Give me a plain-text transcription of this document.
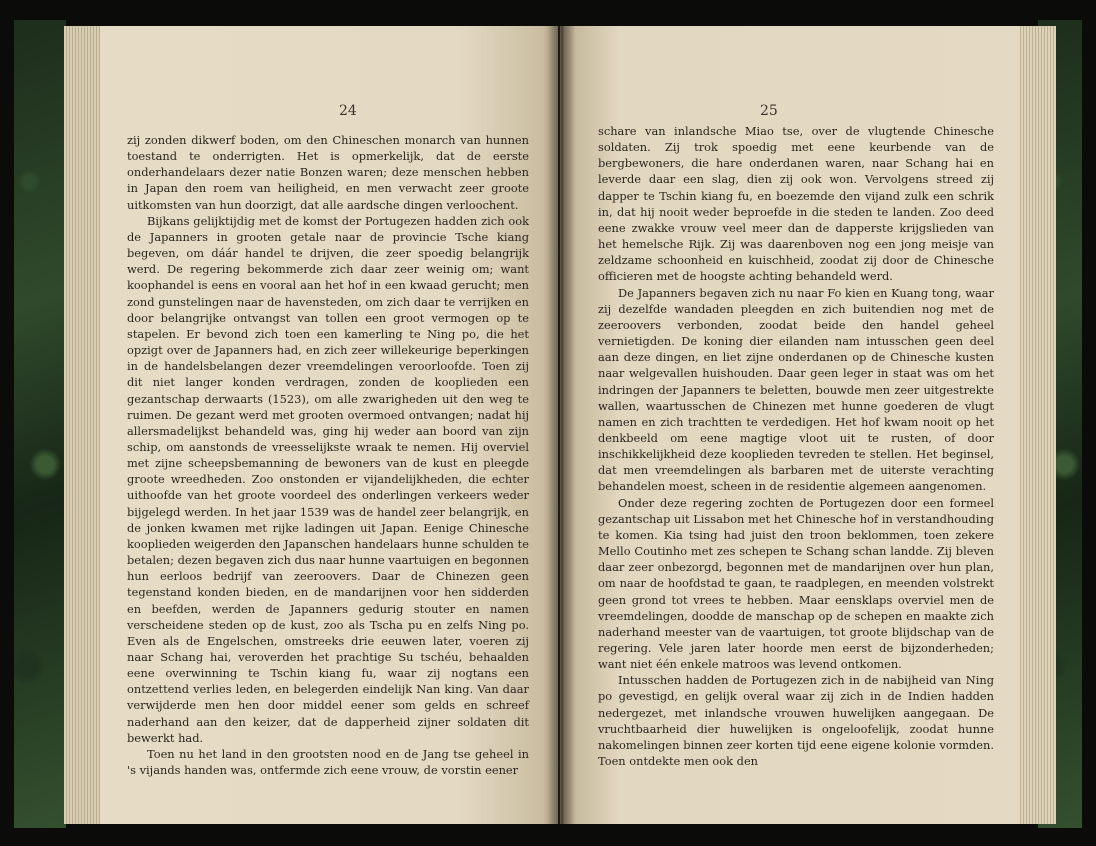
24

zij zonden dikwerf boden, om den Chineschen monarch van hunnen toestand te onderrigten. Het is opmerkelijk, dat de eerste onderhandelaars dezer natie Bonzen waren; deze menschen hebben in Japan den roem van heiligheid, en men verwacht zeer groote uitkomsten van hun doorzigt, dat alle aardsche dingen verloochent.

Bijkans gelijktijdig met de komst der Portugezen hadden zich ook de Japanners in grooten getale naar de provincie Tsche kiang begeven, om dáár handel te drijven, die zeer spoedig belangrijk werd. De regering bekommerde zich daar zeer weinig om; want koophandel is eens en vooral aan het hof in een kwaad gerucht; men zond gunstelingen naar de havensteden, om zich daar te verrijken en door belangrijke ontvangst van tollen een groot vermogen op te stapelen. Er bevond zich toen een kamerling te Ning po, die het opzigt over de Japanners had, en zich zeer willekeurige beperkingen in de handelsbelangen dezer vreemdelingen veroorloofde. Toen zij dit niet langer konden verdragen, zonden de kooplieden een gezantschap derwaarts (1523), om alle zwarigheden uit den weg te ruimen. De gezant werd met grooten overmoed ontvangen; nadat hij allersmadelijkst behandeld was, ging hij weder aan boord van zijn schip, om aanstonds de vreesselijkste wraak te nemen. Hij overviel met zijne scheepsbemanning de bewoners van de kust en pleegde groote wreedheden. Zoo onstonden er vijandelijkheden, die echter uithoofde van het groote voordeel des onderlingen verkeers weder bijgelegd werden. In het jaar 1539 was de handel zeer belangrijk, en de jonken kwamen met rijke ladingen uit Japan. Eenige Chinesche kooplieden weigerden den Japanschen handelaars hunne schulden te betalen; dezen begaven zich dus naar hunne vaartuigen en begonnen hun eerloos bedrijf van zeeroovers. Daar de Chinezen geen tegenstand konden bieden, en de mandarijnen voor hen sidderden en beefden, werden de Japanners gedurig stouter en namen verscheidene steden op de kust, zoo als Tscha pu en zelfs Ning po. Even als de Engelschen, omstreeks drie eeuwen later, voeren zij naar Schang hai, veroverden het prachtige Su tschéu, behaalden eene overwinning te Tschin kiang fu, waar zij nogtans een ontzettend verlies leden, en belegerden eindelijk Nan king. Van daar verwijderde men hen door middel eener som gelds en schreef naderhand aan den keizer, dat de dapperheid zijner soldaten dit bewerkt had.

Toen nu het land in den grootsten nood en de Jang tse geheel in 's vijands handen was, ontfermde zich eene vrouw, de vorstin eener

25

schare van inlandsche Miao tse, over de vlugtende Chinesche soldaten. Zij trok spoedig met eene keurbende van de bergbewoners, die hare onderdanen waren, naar Schang hai en leverde daar een slag, dien zij ook won. Vervolgens streed zij dapper te Tschin kiang fu, en boezemde den vijand zulk een schrik in, dat hij nooit weder beproefde in die steden te landen. Zoo deed eene zwakke vrouw veel meer dan de dapperste krijgslieden van het hemelsche Rijk. Zij was daarenboven nog een jong meisje van zeldzame schoonheid en kuischheid, zoodat zij door de Chinesche officieren met de hoogste achting behandeld werd.

De Japanners begaven zich nu naar Fo kien en Kuang tong, waar zij dezelfde wandaden pleegden en zich buitendien nog met de zeeroovers verbonden, zoodat beide den handel geheel vernietigden. De koning dier eilanden nam intusschen geen deel aan deze dingen, en liet zijne onderdanen op de Chinesche kusten naar welgevallen huishouden. Daar geen leger in staat was om het indringen der Japanners te beletten, bouwde men zeer uitgestrekte wallen, waartusschen de Chinezen met hunne goederen de vlugt namen en zich trachtten te verdedigen. Het hof kwam nooit op het denkbeeld om eene magtige vloot uit te rusten, of door inschikkelijkheid deze kooplieden tevreden te stellen. Het beginsel, dat men vreemdelingen als barbaren met de uiterste verachting behandelen moest, scheen in de residentie algemeen aangenomen.

Onder deze regering zochten de Portugezen door een formeel gezantschap uit Lissabon met het Chinesche hof in verstandhouding te komen. Kia tsing had juist den troon beklommen, toen zekere Mello Coutinho met zes schepen te Schang schan landde. Zij bleven daar zeer onbezorgd, begonnen met de mandarijnen over hun plan, om naar de hoofdstad te gaan, te raadplegen, en meenden volstrekt geen grond tot vrees te hebben. Maar eensklaps overviel men de vreemdelingen, doodde de manschap op de schepen en maakte zich naderhand meester van de vaartuigen, tot groote blijdschap van de regering. Vele jaren later hoorde men eerst de bijzonderheden; want niet één enkele matroos was levend ontkomen.

Intusschen hadden de Portugezen zich in de nabijheid van Ning po gevestigd, en gelijk overal waar zij zich in de Indien hadden nedergezet, met inlandsche vrouwen huwelijken aangegaan. De vruchtbaarheid dier huwelijken is ongeloofelijk, zoodat hunne nakomelingen binnen zeer korten tijd eene eigene kolonie vormden. Toen ontdekte men ook den
